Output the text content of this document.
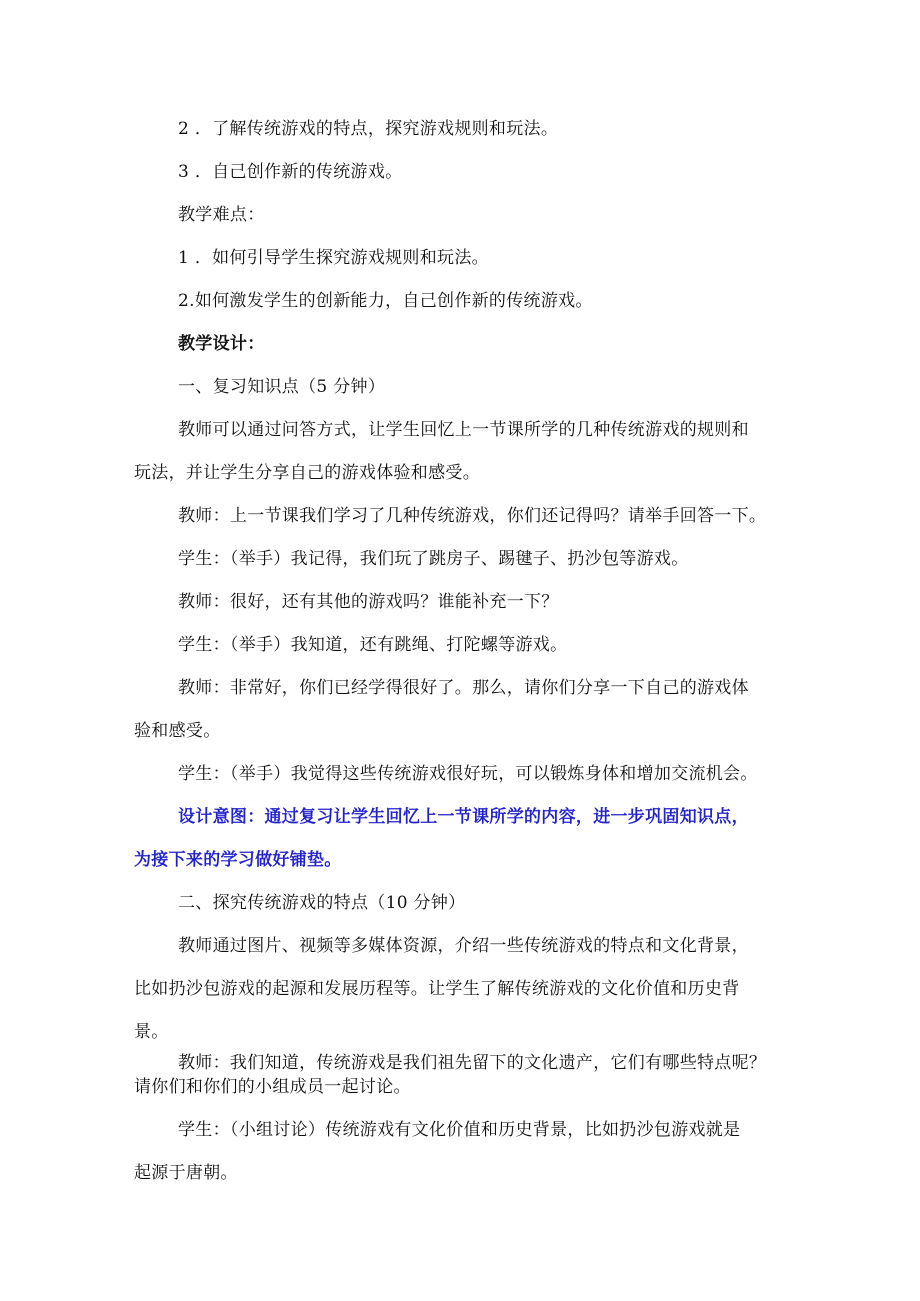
2 ．了解传统游戏的特点，探究游戏规则和玩法。
3 ．自己创作新的传统游戏。
教学难点：
1 ．如何引导学生探究游戏规则和玩法。
2.如何激发学生的创新能力，自己创作新的传统游戏。
教学设计：
一、复习知识点（5 分钟）
教师可以通过问答方式，让学生回忆上一节课所学的几种传统游戏的规则和
玩法，并让学生分享自己的游戏体验和感受。
教师：上一节课我们学习了几种传统游戏，你们还记得吗？请举手回答一下。
学生：（举手）我记得，我们玩了跳房子、踢毽子、扔沙包等游戏。
教师：很好，还有其他的游戏吗？谁能补充一下？
学生：（举手）我知道，还有跳绳、打陀螺等游戏。
教师：非常好，你们已经学得很好了。那么，请你们分享一下自己的游戏体
验和感受。
学生：（举手）我觉得这些传统游戏很好玩，可以锻炼身体和增加交流机会。
设计意图：通过复习让学生回忆上一节课所学的内容，进一步巩固知识点，
为接下来的学习做好铺垫。
二、探究传统游戏的特点（10 分钟）
教师通过图片、视频等多媒体资源，介绍一些传统游戏的特点和文化背景，
比如扔沙包游戏的起源和发展历程等。让学生了解传统游戏的文化价值和历史背
景。
教师：我们知道，传统游戏是我们祖先留下的文化遗产，它们有哪些特点呢？
请你们和你们的小组成员一起讨论。
学生：（小组讨论）传统游戏有文化价值和历史背景，比如扔沙包游戏就是
起源于唐朝。
